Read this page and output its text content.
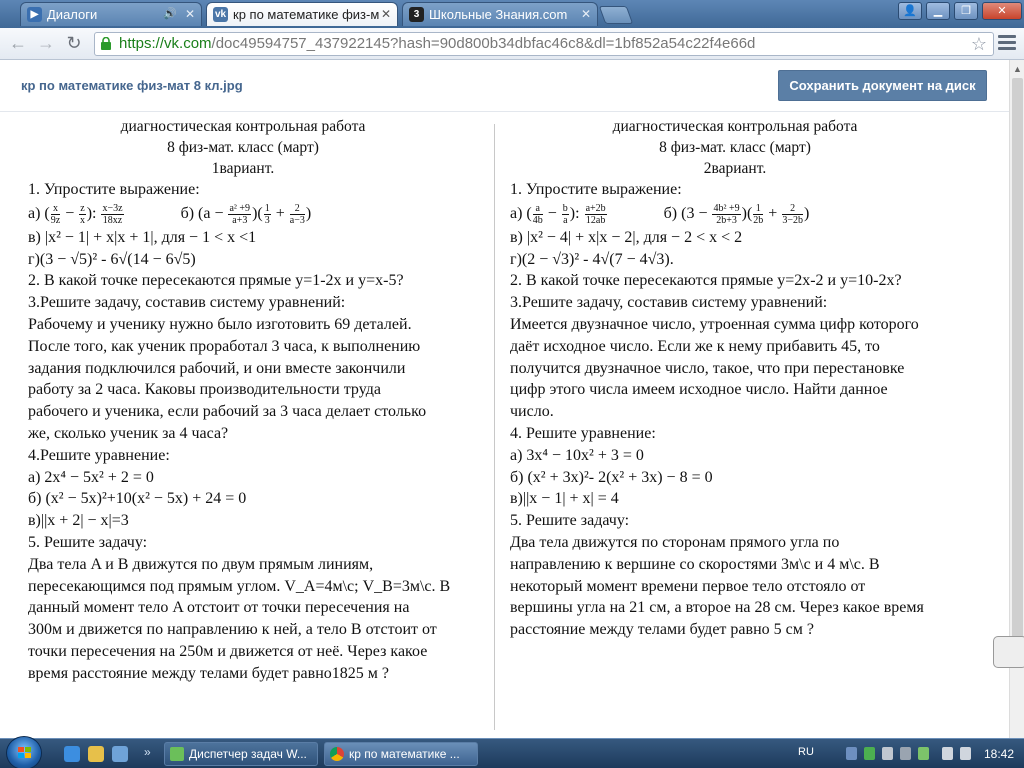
▶ Диалоги	🔊 ✕ vk кр по математике физ-м ✕	3 Школьные Знания.com ✕	👤	▁	❐	✕
← → ↻	https://vk.com/doc49594757_437922145?hash=90d800b34dbfac46c8&dl=1bf852a54c22f4e66d	☆
кр по математике физ-мат 8 кл.jpg	Сохранить документ на диск
диагностическая контрольная работа
8 физ-мат. класс (март)
1вариант.
1. Упростите выражение:
а) ( $\frac{x}{9z} - \frac{z}{x}$ ): $\frac{x-3z}{18xz}$	б) ($a - \frac{\text{a² +9}}{a+3}$ )( $\frac{1}{3} + \frac{2}{a-3}$ )
в) |x² − 1| + x|x + 1|, для − 1 < x <1
г)(3 − √5)² - 6√(14 − 6√5)
2. В какой точке пересекаются прямые y=1-2x и y=x-5?
3.Решите задачу, составив систему уравнений:
Рабочему и ученику нужно было изготовить 69 деталей.
После того, как ученик проработал 3 часа, к выполнению
задания подключился рабочий, и они вместе закончили
работу за 2 часа. Каковы производительности труда
рабочего и ученика, если рабочий за 3 часа делает столько
же, сколько ученик за 4 часа?
4.Решите уравнение:
а) 2x⁴ − 5x² + 2 = 0
б) (x² − 5x)²+10(x² − 5x) + 24 = 0
в)||x + 2| − x|=3
5. Решите задачу:
Два тела A и B движутся по двум прямым линиям,
пересекающимся под прямым углом. V_A=4м\с; V_B=3м\с. В
данный момент тело A отстоит от точки пересечения на
300м и движется по направлению к ней, а тело B отстоит от
точки пересечения на 250м и движется от неё. Через какое
время расстояние между телами будет равно1825 м ?
диагностическая контрольная работа
8 физ-мат. класс (март)
2вариант.
1. Упростите выражение:
а) ( $\frac{a}{4b} - \frac{b}{a}$ ): $\frac{a+2b}{12ab}$	б) ($3 - \frac{\text{4b² +9}}{2b+3}$ )( $\frac{1}{2b} + \frac{2}{3-2b}$ )
в) |x² − 4| + x|x − 2|, для − 2 < x < 2
г)(2 − √3)² - 4√(7 − 4√3).
2. В какой точке пересекаются прямые y=2x-2 и y=10-2x?
3.Решите задачу, составив систему уравнений:
Имеется двузначное число, утроенная сумма цифр которого
даёт исходное число. Если же к нему прибавить 45, то
получится двузначное число, такое, что при перестановке
цифр этого числа имеем исходное число. Найти данное
число.
4. Решите уравнение:
а) 3x⁴ − 10x² + 3 = 0
б) (x² + 3x)²- 2(x² + 3x) − 8 = 0
в)||x − 1| + x| = 4
5. Решите задачу:
Два тела движутся по сторонам прямого угла по
направлению к вершине со скоростями 3м\с и 4 м\с. В
некоторый момент времени первое тело отстояло от
вершины угла на 21 см, а второе на 28 см. Через какое время
расстояние между телами будет равно 5 см ?
▲
»	Диспетчер задач W...	кр по математике ...	RU	18:42
